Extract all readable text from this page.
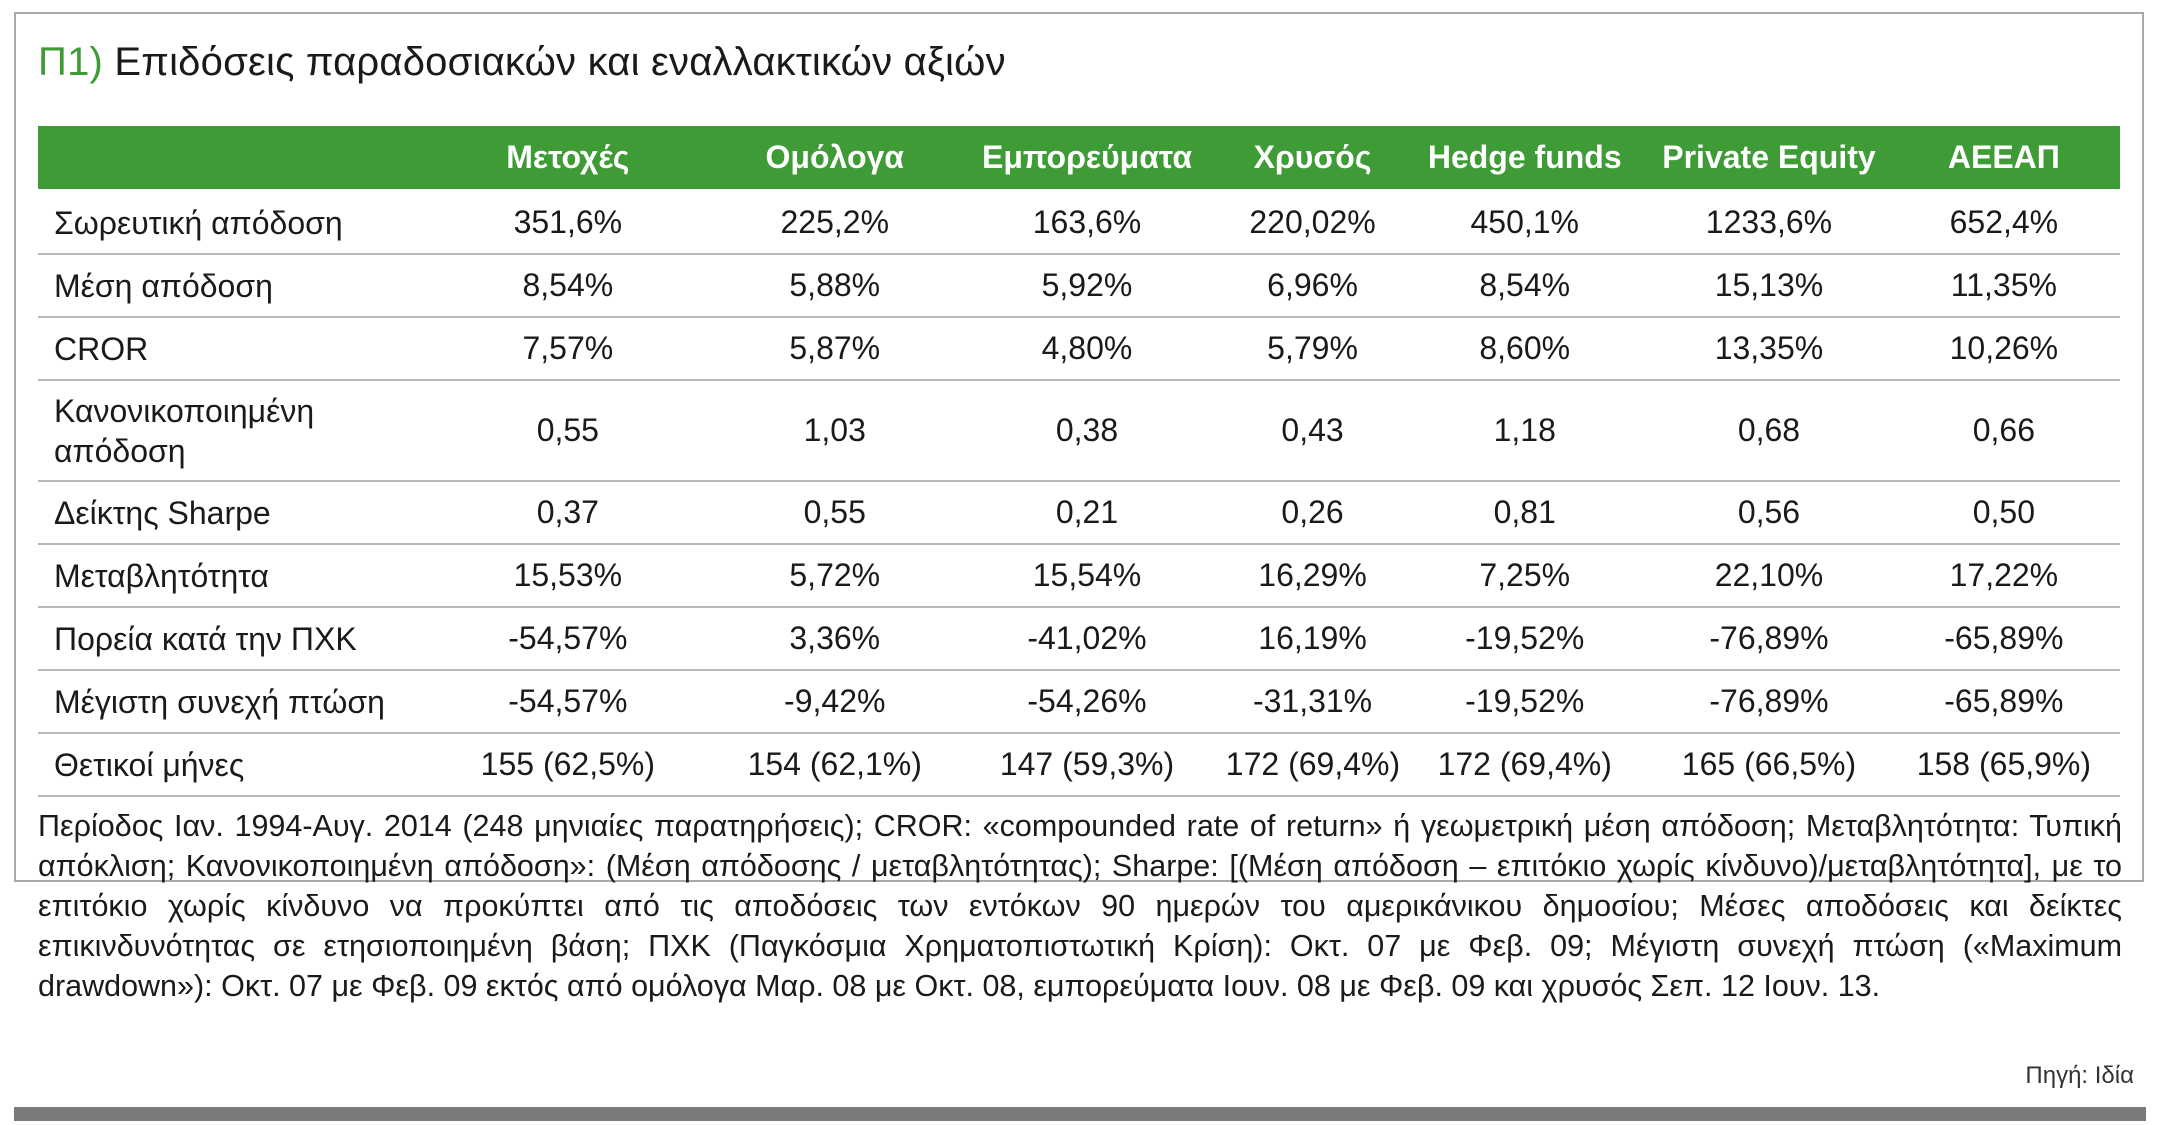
Π1) Επιδόσεις παραδοσιακών και εναλλακτικών αξιών
	Μετοχές	Ομόλογα	Εμπορεύματα	Χρυσός	Hedge funds	Private Equity	ΑΕΕΑΠ
Σωρευτική απόδοση	351,6%	225,2%	163,6%	220,02%	450,1%	1233,6%	652,4%
Μέση απόδοση	8,54%	5,88%	5,92%	6,96%	8,54%	15,13%	11,35%
CROR	7,57%	5,87%	4,80%	5,79%	8,60%	13,35%	10,26%
Κανονικοποιημένη απόδοση	0,55	1,03	0,38	0,43	1,18	0,68	0,66
Δείκτης Sharpe	0,37	0,55	0,21	0,26	0,81	0,56	0,50
Μεταβλητότητα	15,53%	5,72%	15,54%	16,29%	7,25%	22,10%	17,22%
Πορεία κατά την ΠΧΚ	-54,57%	3,36%	-41,02%	16,19%	-19,52%	-76,89%	-65,89%
Μέγιστη συνεχή πτώση	-54,57%	-9,42%	-54,26%	-31,31%	-19,52%	-76,89%	-65,89%
Θετικοί μήνες	155 (62,5%)	154 (62,1%)	147 (59,3%)	172 (69,4%)	172 (69,4%)	165 (66,5%)	158 (65,9%)

Περίοδος Ιαν. 1994-Αυγ. 2014 (248 μηνιαίες παρατηρήσεις); CROR: «compounded rate of return» ή γεωμετρική μέση απόδοση; Μεταβλητότητα: Τυπική απόκλιση; Κανονικοποιημένη απόδοση»: (Μέση απόδοσης / μεταβλητότητας); Sharpe: [(Μέση απόδοση – επιτόκιο χωρίς κίνδυνο)/μεταβλητότητα], με το επιτόκιο χωρίς κίνδυνο να προκύπτει από τις αποδόσεις των εντόκων 90 ημερών του αμερικάνικου δημοσίου; Μέσες αποδόσεις και δείκτες επικινδυνότητας σε ετησιοποιημένη βάση; ΠΧΚ (Παγκόσμια Χρηματοπιστωτική Κρίση): Οκτ. 07 με Φεβ. 09; Μέγιστη συνεχή πτώση («Maximum drawdown»): Οκτ. 07 με Φεβ. 09 εκτός από ομόλογα Μαρ. 08 με Οκτ. 08, εμπορεύματα Ιουν. 08 με Φεβ. 09 και χρυσός Σεπ. 12 Ιουν. 13.

Πηγή: Ιδία
